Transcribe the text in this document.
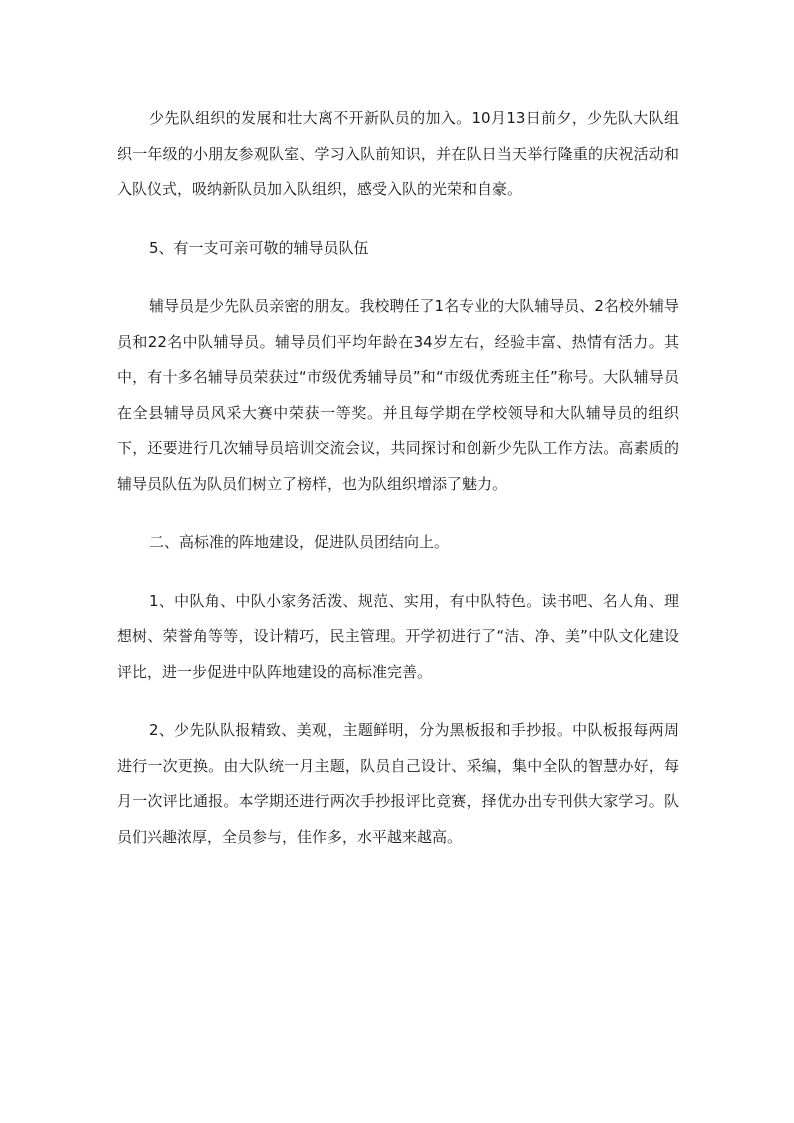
少先队组织的发展和壮大离不开新队员的加入。10月13日前夕，少先队大队组织一年级的小朋友参观队室、学习入队前知识，并在队日当天举行隆重的庆祝活动和入队仪式，吸纳新队员加入队组织，感受入队的光荣和自豪。

5、有一支可亲可敬的辅导员队伍

辅导员是少先队员亲密的朋友。我校聘任了1名专业的大队辅导员、2名校外辅导员和22名中队辅导员。辅导员们平均年龄在34岁左右，经验丰富、热情有活力。其中，有十多名辅导员荣获过“市级优秀辅导员”和“市级优秀班主任”称号。大队辅导员在全县辅导员风采大赛中荣获一等奖。并且每学期在学校领导和大队辅导员的组织下，还要进行几次辅导员培训交流会议，共同探讨和创新少先队工作方法。高素质的辅导员队伍为队员们树立了榜样，也为队组织增添了魅力。

二、高标准的阵地建设，促进队员团结向上。

1、中队角、中队小家务活泼、规范、实用，有中队特色。读书吧、名人角、理想树、荣誉角等等，设计精巧，民主管理。开学初进行了“洁、净、美”中队文化建设评比，进一步促进中队阵地建设的高标准完善。

2、少先队队报精致、美观，主题鲜明，分为黑板报和手抄报。中队板报每两周进行一次更换。由大队统一月主题，队员自己设计、采编，集中全队的智慧办好，每月一次评比通报。本学期还进行两次手抄报评比竞赛，择优办出专刊供大家学习。队员们兴趣浓厚，全员参与，佳作多，水平越来越高。
